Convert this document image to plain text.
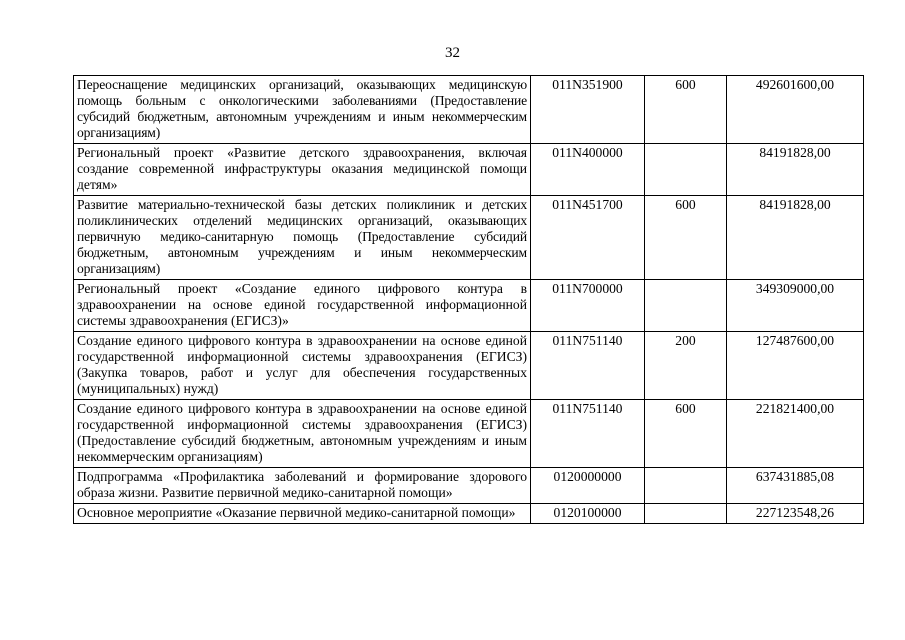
32
Переоснащение медицинских организаций, оказывающих медицинскую помощь больным с онкологическими заболеваниями (Предоставление субсидий бюджетным, автономным учреждениям и иным некоммерческим организациям)	011N351900	600	492601600,00
Региональный проект «Развитие детского здравоохранения, включая создание современной инфраструктуры оказания медицинской помощи детям»	011N400000		84191828,00
Развитие материально-технической базы детских поликлиник и детских поликлинических отделений медицинских организаций, оказывающих первичную медико-санитарную помощь (Предоставление субсидий бюджетным, автономным учреждениям и иным некоммерческим организациям)	011N451700	600	84191828,00
Региональный проект «Создание единого цифрового контура в здравоохранении на основе единой государственной информационной системы здравоохранения (ЕГИСЗ)»	011N700000		349309000,00
Создание единого цифрового контура в здравоохранении на основе единой государственной информационной системы здравоохранения (ЕГИСЗ) (Закупка товаров, работ и услуг для обеспечения государственных (муниципальных) нужд)	011N751140	200	127487600,00
Создание единого цифрового контура в здравоохранении на основе единой государственной информационной системы здравоохранения (ЕГИСЗ) (Предоставление субсидий бюджетным, автономным учреждениям и иным некоммерческим организациям)	011N751140	600	221821400,00
Подпрограмма «Профилактика заболеваний и формирование здорового образа жизни. Развитие первичной медико-санитарной помощи»	0120000000		637431885,08
Основное мероприятие «Оказание первичной медико-санитарной помощи»	0120100000		227123548,26
